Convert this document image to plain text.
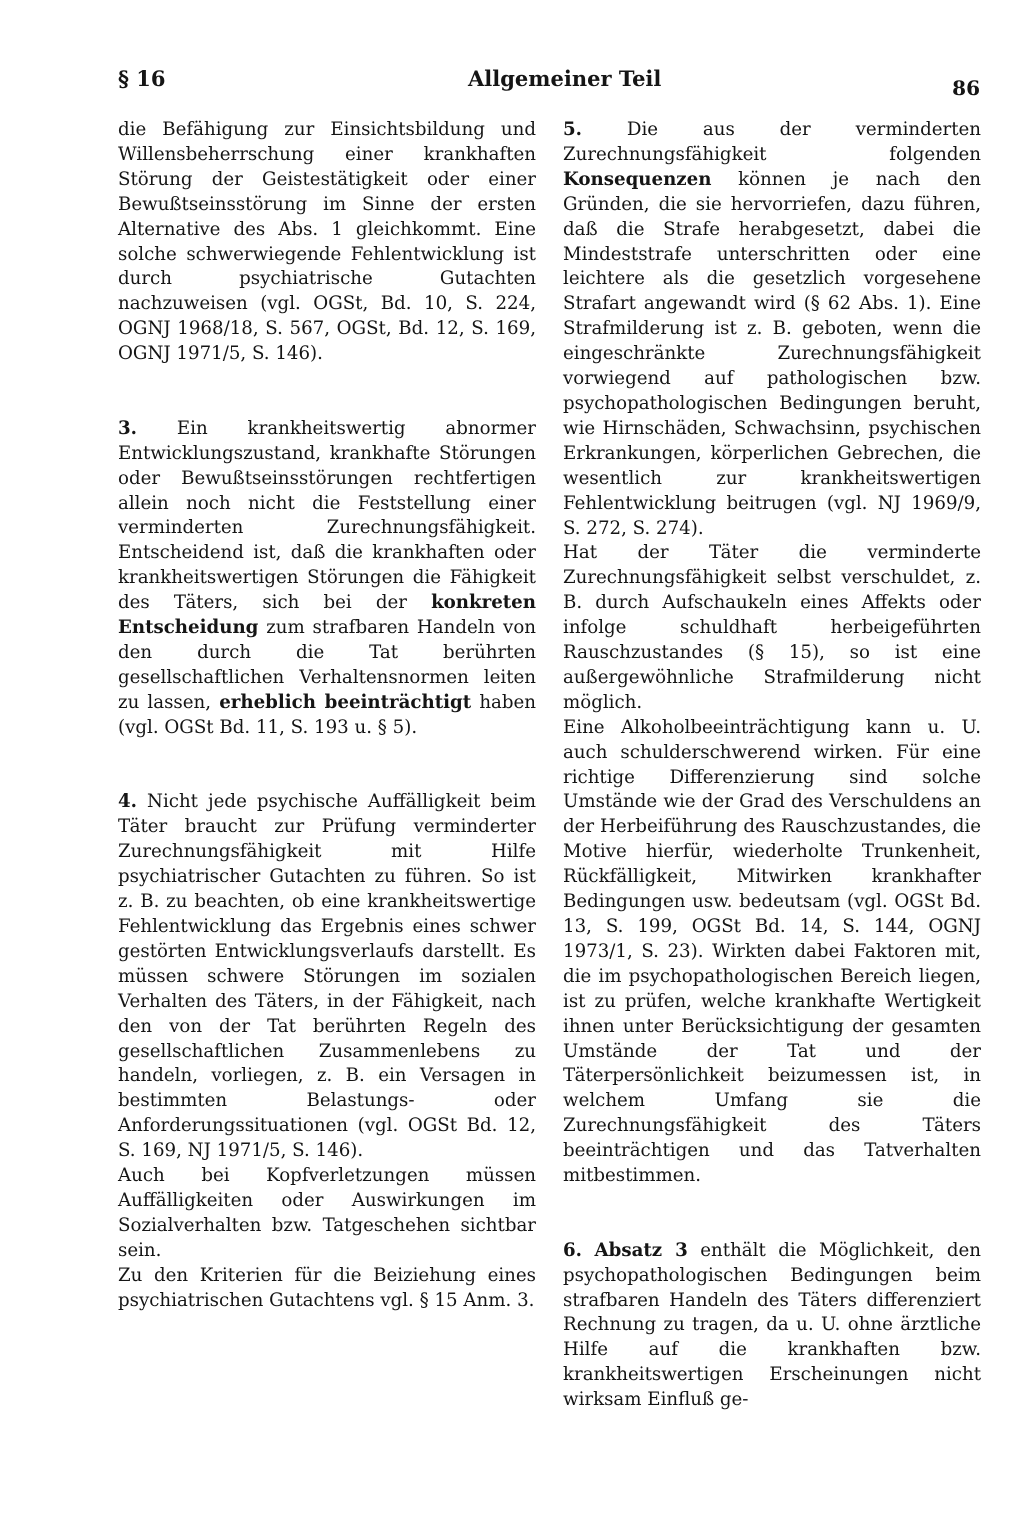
§ 16	Allgemeiner Teil	86

die Befähigung zur Einsichtsbildung und Willensbeherrschung einer krankhaften Störung der Geistestätigkeit oder einer Bewußtseinsstörung im Sinne der ersten Alternative des Abs. 1 gleichkommt. Eine solche schwerwiegende Fehlentwicklung ist durch psychiatrische Gutachten nachzuweisen (vgl. OGSt, Bd. 10, S. 224, OGNJ 1968/18, S. 567, OGSt, Bd. 12, S. 169, OGNJ 1971/5, S. 146).

3. Ein krankheitswertig abnormer Entwicklungszustand, krankhafte Störungen oder Bewußtseinsstörungen rechtfertigen allein noch nicht die Feststellung einer verminderten Zurechnungsfähigkeit. Entscheidend ist, daß die krankhaften oder krankheitswertigen Störungen die Fähigkeit des Täters, sich bei der konkreten Entscheidung zum strafbaren Handeln von den durch die Tat berührten gesellschaftlichen Verhaltensnormen leiten zu lassen, erheblich beeinträchtigt haben (vgl. OGSt Bd. 11, S. 193 u. § 5).

4. Nicht jede psychische Auffälligkeit beim Täter braucht zur Prüfung verminderter Zurechnungsfähigkeit mit Hilfe psychiatrischer Gutachten zu führen. So ist z. B. zu beachten, ob eine krankheitswertige Fehlentwicklung das Ergebnis eines schwer gestörten Entwicklungsverlaufs darstellt. Es müssen schwere Störungen im sozialen Verhalten des Täters, in der Fähigkeit, nach den von der Tat berührten Regeln des gesellschaftlichen Zusammenlebens zu handeln, vorliegen, z. B. ein Versagen in bestimmten Belastungs- oder Anforderungssituationen (vgl. OGSt Bd. 12, S. 169, NJ 1971/5, S. 146).

Auch bei Kopfverletzungen müssen Auffälligkeiten oder Auswirkungen im Sozialverhalten bzw. Tatgeschehen sichtbar sein.

Zu den Kriterien für die Beiziehung eines psychiatrischen Gutachtens vgl. § 15 Anm. 3.

5. Die aus der verminderten Zurechnungsfähigkeit folgenden Konsequenzen können je nach den Gründen, die sie hervorriefen, dazu führen, daß die Strafe herabgesetzt, dabei die Mindeststrafe unterschritten oder eine leichtere als die gesetzlich vorgesehene Strafart angewandt wird (§ 62 Abs. 1). Eine Strafmilderung ist z. B. geboten, wenn die eingeschränkte Zurechnungsfähigkeit vorwiegend auf pathologischen bzw. psychopathologischen Bedingungen beruht, wie Hirnschäden, Schwachsinn, psychischen Erkrankungen, körperlichen Gebrechen, die wesentlich zur krankheitswertigen Fehlentwicklung beitrugen (vgl. NJ 1969/9, S. 272, S. 274).

Hat der Täter die verminderte Zurechnungsfähigkeit selbst verschuldet, z. B. durch Aufschaukeln eines Affekts oder infolge schuldhaft herbeigeführten Rauschzustandes (§ 15), so ist eine außergewöhnliche Strafmilderung nicht möglich.

Eine Alkoholbeeinträchtigung kann u. U. auch schulderschwerend wirken. Für eine richtige Differenzierung sind solche Umstände wie der Grad des Verschuldens an der Herbeiführung des Rauschzustandes, die Motive hierfür, wiederholte Trunkenheit, Rückfälligkeit, Mitwirken krankhafter Bedingungen usw. bedeutsam (vgl. OGSt Bd. 13, S. 199, OGSt Bd. 14, S. 144, OGNJ 1973/1, S. 23). Wirkten dabei Faktoren mit, die im psychopathologischen Bereich liegen, ist zu prüfen, welche krankhafte Wertigkeit ihnen unter Berücksichtigung der gesamten Umstände der Tat und der Täterpersönlichkeit beizumessen ist, in welchem Umfang sie die Zurechnungsfähigkeit des Täters beeinträchtigen und das Tatverhalten mitbestimmen.

6. Absatz 3 enthält die Möglichkeit, den psychopathologischen Bedingungen beim strafbaren Handeln des Täters differenziert Rechnung zu tragen, da u. U. ohne ärztliche Hilfe auf die krankhaften bzw. krankheitswertigen Erscheinungen nicht wirksam Einfluß ge-
